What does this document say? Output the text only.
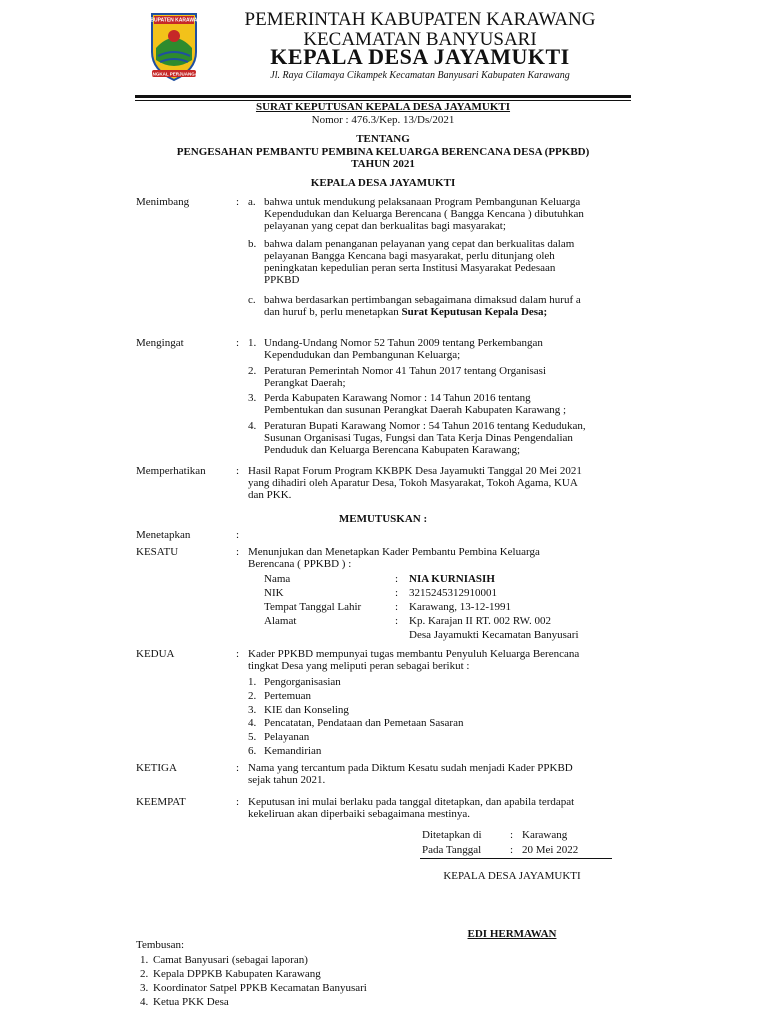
KABUPATEN KARAWANG
PANGKAL PERJUANGAN
PEMERINTAH KABUPATEN KARAWANG
KECAMATAN BANYUSARI
KEPALA DESA JAYAMUKTI
Jl. Raya Cilamaya Cikampek Kecamatan Banyusari Kabupaten Karawang
SURAT KEPUTUSAN KEPALA DESA JAYAMUKTI
Nomor : 476.3/Kep. 13/Ds/2021
TENTANG
PENGESAHAN PEMBANTU PEMBINA KELUARGA BERENCANA DESA (PPKBD)
TAHUN 2021
KEPALA DESA JAYAMUKTI
Menimbang	: a. bahwa untuk mendukung pelaksanaan Program Pembangunan Keluarga
Kependudukan dan Keluarga Berencana ( Bangga Kencana ) dibutuhkan
pelayanan yang cepat dan berkualitas bagi masyarakat;
b. bahwa dalam penanganan pelayanan yang cepat dan berkualitas dalam
pelayanan Bangga Kencana bagi masyarakat, perlu ditunjang oleh
peningkatan kepedulian peran serta Institusi Masyarakat Pedesaan
PPKBD
c. bahwa berdasarkan pertimbangan sebagaimana dimaksud dalam huruf a
dan huruf b, perlu menetapkan Surat Keputusan Kepala Desa;
Mengingat	: 1. Undang-Undang Nomor 52 Tahun 2009 tentang Perkembangan
Kependudukan dan Pembangunan Keluarga;
2. Peraturan Pemerintah Nomor 41 Tahun 2017 tentang Organisasi
Perangkat Daerah;
3. Perda Kabupaten Karawang Nomor : 14 Tahun 2016 tentang
Pembentukan dan susunan Perangkat Daerah Kabupaten Karawang ;
4. Peraturan Bupati Karawang Nomor : 54 Tahun 2016 tentang Kedudukan,
Susunan Organisasi Tugas, Fungsi dan Tata Kerja Dinas Pengendalian
Penduduk dan Keluarga Berencana Kabupaten Karawang;
Memperhatikan	: Hasil Rapat Forum Program KKBPK Desa Jayamukti Tanggal 20 Mei 2021
yang dihadiri oleh Aparatur Desa, Tokoh Masyarakat, Tokoh Agama, KUA
dan PKK.
MEMUTUSKAN :
Menetapkan	:
KESATU	: Menunjukan dan Menetapkan Kader Pembantu Pembina Keluarga
Berencana ( PPKBD ) :
Nama	: NIA KURNIASIH
NIK	: 3215245312910001
Tempat Tanggal Lahir	: Karawang, 13-12-1991
Alamat	: Kp. Karajan II RT. 002 RW. 002
Desa Jayamukti Kecamatan Banyusari
KEDUA	: Kader PPKBD mempunyai tugas membantu Penyuluh Keluarga Berencana
tingkat Desa yang meliputi peran sebagai berikut :
1. Pengorganisasian
2. Pertemuan
3. KIE dan Konseling
4. Pencatatan, Pendataan dan Pemetaan Sasaran
5. Pelayanan
6. Kemandirian
KETIGA	: Nama yang tercantum pada Diktum Kesatu sudah menjadi Kader PPKBD
sejak tahun 2021.
KEEMPAT	: Keputusan ini mulai berlaku pada tanggal ditetapkan, dan apabila terdapat
kekeliruan akan diperbaiki sebagaimana mestinya.
Ditetapkan di	: Karawang
Pada Tanggal	: 20 Mei 2022
KEPALA DESA JAYAMUKTI
EDI HERMAWAN
Tembusan:
1. Camat Banyusari (sebagai laporan)
2. Kepala DPPKB Kabupaten Karawang
3. Koordinator Satpel PPKB Kecamatan Banyusari
4. Ketua PKK Desa
